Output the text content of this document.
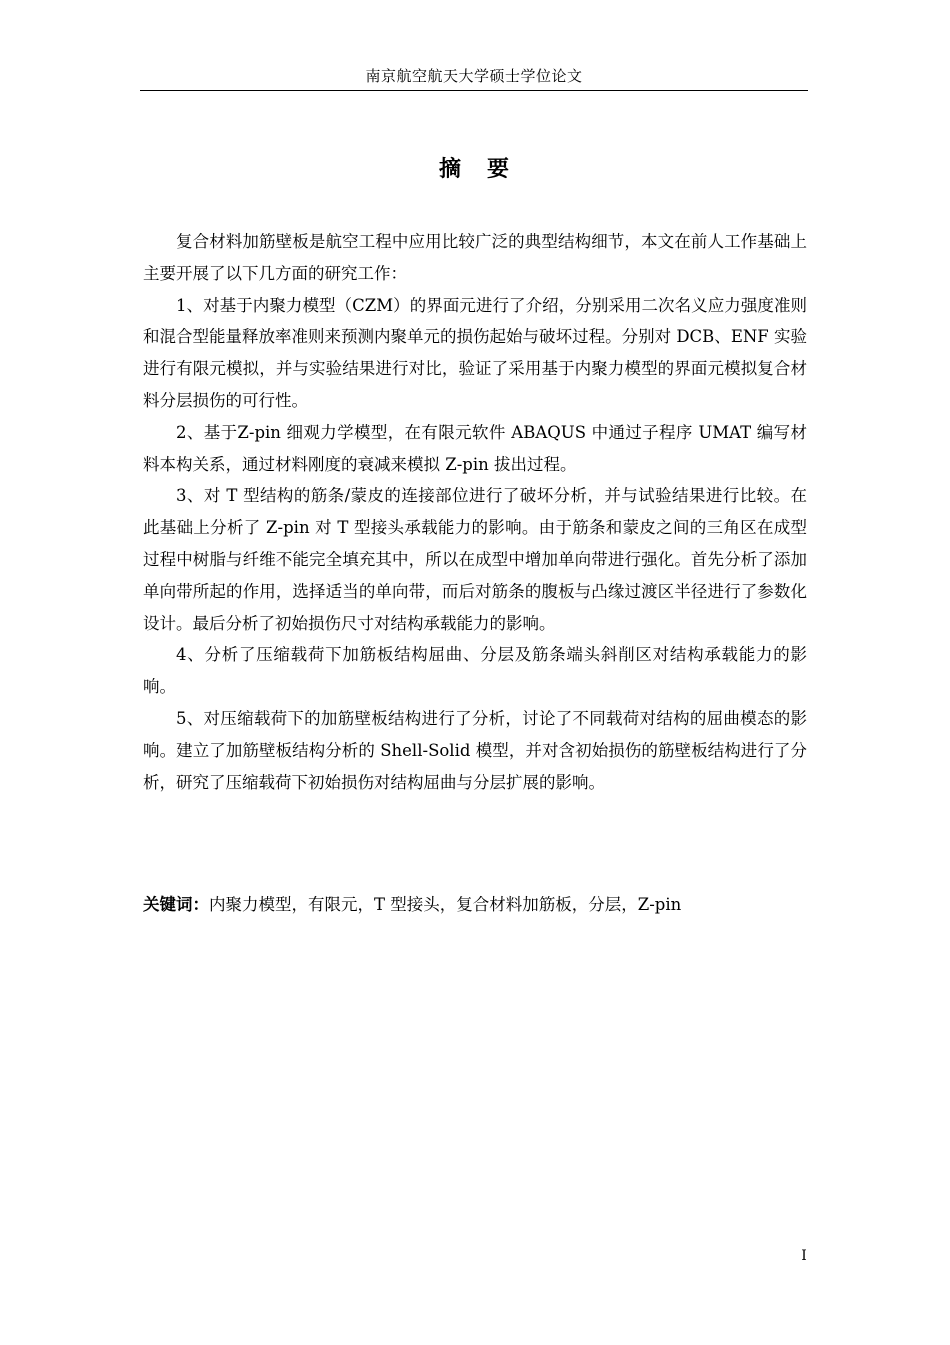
南京航空航天大学硕士学位论文
摘要

复合材料加筋壁板是航空工程中应用比较广泛的典型结构细节，本文在前人工作基础上主要开展了以下几方面的研究工作：

1、对基于内聚力模型（CZM）的界面元进行了介绍，分别采用二次名义应力强度准则和混合型能量释放率准则来预测内聚单元的损伤起始与破坏过程。分别对 DCB、ENF 实验进行有限元模拟，并与实验结果进行对比，验证了采用基于内聚力模型的界面元模拟复合材料分层损伤的可行性。

2、基于Z-pin 细观力学模型，在有限元软件 ABAQUS 中通过子程序 UMAT 编写材料本构关系，通过材料刚度的衰减来模拟 Z-pin 拔出过程。

3、对 T 型结构的筋条/蒙皮的连接部位进行了破坏分析，并与试验结果进行比较。在此基础上分析了 Z-pin 对 T 型接头承载能力的影响。由于筋条和蒙皮之间的三角区在成型过程中树脂与纤维不能完全填充其中，所以在成型中增加单向带进行强化。首先分析了添加单向带所起的作用，选择适当的单向带，而后对筋条的腹板与凸缘过渡区半径进行了参数化设计。最后分析了初始损伤尺寸对结构承载能力的影响。

4、分析了压缩载荷下加筋板结构屈曲、分层及筋条端头斜削区对结构承载能力的影响。

5、对压缩载荷下的加筋壁板结构进行了分析，讨论了不同载荷对结构的屈曲模态的影响。建立了加筋壁板结构分析的 Shell-Solid 模型，并对含初始损伤的筋壁板结构进行了分析，研究了压缩载荷下初始损伤对结构屈曲与分层扩展的影响。

关键词：内聚力模型，有限元，T 型接头，复合材料加筋板，分层，Z-pin
I
